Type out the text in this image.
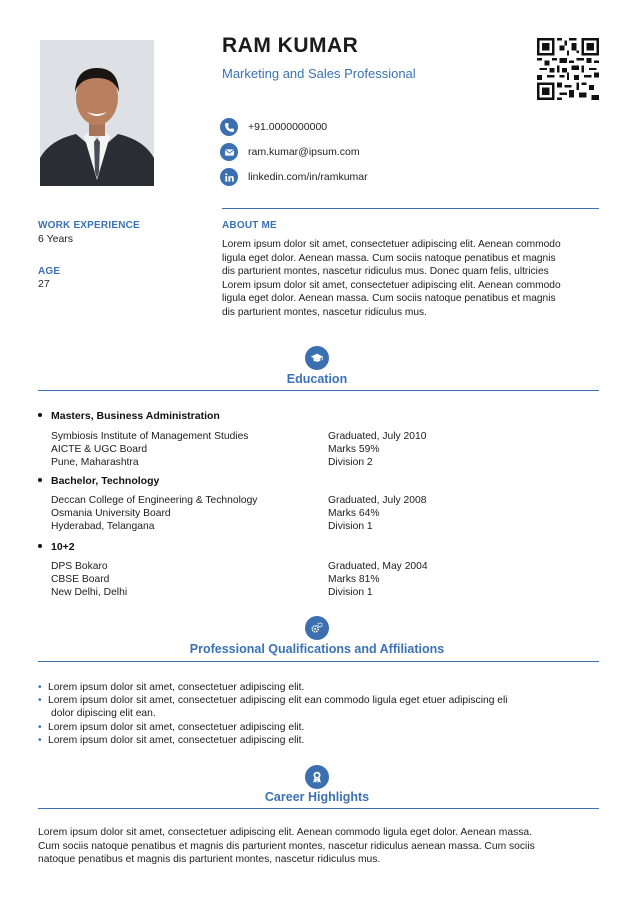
RAM KUMAR
Marketing and Sales Professional
+91.0000000000
ram.kumar@ipsum.com
linkedin.com/in/ramkumar
WORK EXPERIENCE
6 Years
AGE
27
ABOUT ME
Lorem ipsum dolor sit amet, consectetuer adipiscing elit. Aenean commodo
ligula eget dolor. Aenean massa. Cum sociis natoque penatibus et magnis
dis parturient montes, nascetur ridiculus mus. Donec quam felis, ultricies
Lorem ipsum dolor sit amet, consectetuer adipiscing elit. Aenean commodo
ligula eget dolor. Aenean massa. Cum sociis natoque penatibus et magnis
dis parturient montes, nascetur ridiculus mus.
Education
Masters, Business Administration
Symbiosis Institute of Management Studies
AICTE & UGC Board
Pune, Maharashtra
Graduated, July 2010
Marks 59%
Division 2
Bachelor, Technology
Deccan College of Engineering & Technology
Osmania University Board
Hyderabad, Telangana
Graduated, July 2008
Marks 64%
Division 1
10+2
DPS Bokaro
CBSE Board
New Delhi, Delhi
Graduated, May 2004
Marks 81%
Division 1
Professional Qualifications and Affiliations
• Lorem ipsum dolor sit amet, consectetuer adipiscing elit.
• Lorem ipsum dolor sit amet, consectetuer adipiscing elit ean commodo ligula eget etuer adipiscing eli
dolor dipiscing elit ean.
• Lorem ipsum dolor sit amet, consectetuer adipiscing elit.
• Lorem ipsum dolor sit amet, consectetuer adipiscing elit.
Career Highlights
Lorem ipsum dolor sit amet, consectetuer adipiscing elit. Aenean commodo ligula eget dolor. Aenean massa.
Cum sociis natoque penatibus et magnis dis parturient montes, nascetur ridiculus aenean massa. Cum sociis
natoque penatibus et magnis dis parturient montes, nascetur ridiculus mus.
